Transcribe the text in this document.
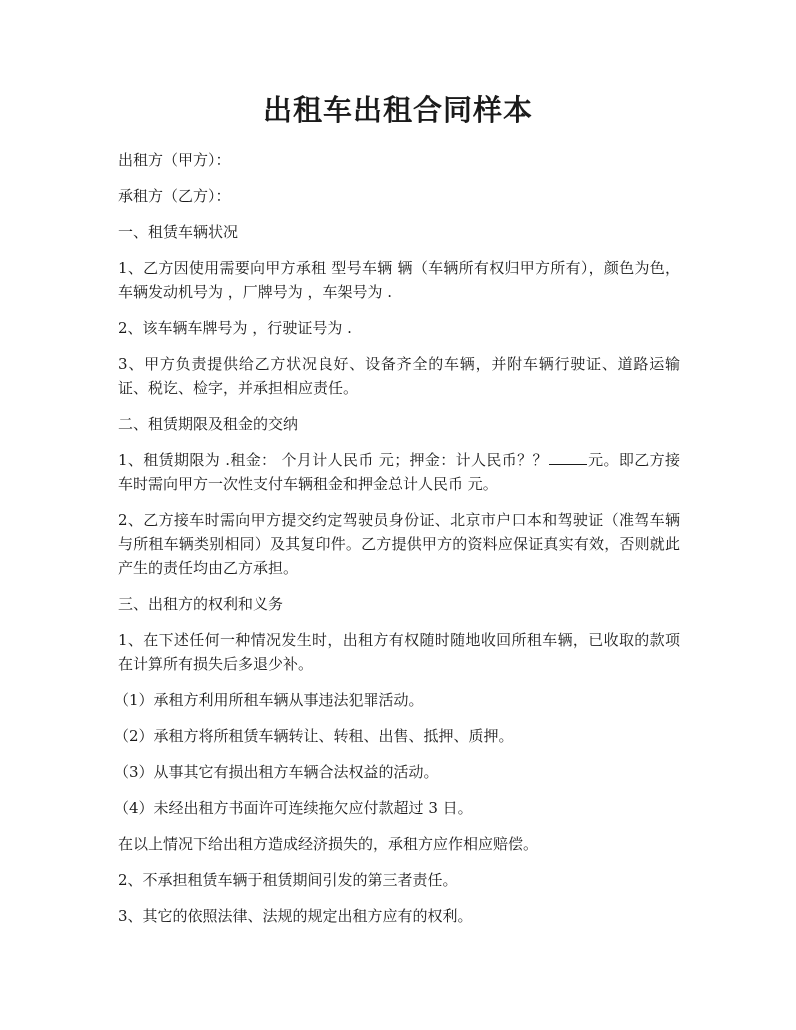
出租车出租合同样本

出租方（甲方）：

承租方（乙方）：

一、租赁车辆状况

1、乙方因使用需要向甲方承租 型号车辆 辆（车辆所有权归甲方所有），颜色为色，车辆发动机号为 ，厂牌号为 ，车架号为 .

2、该车辆车牌号为 ，行驶证号为 .

3、甲方负责提供给乙方状况良好、设备齐全的车辆，并附车辆行驶证、道路运输证、税讫、检字，并承担相应责任。

二、租赁期限及租金的交纳

1、租赁期限为 .租金： 个月计人民币 元；押金：计人民币？？	元。即乙方接车时需向甲方一次性支付车辆租金和押金总计人民币 元。

2、乙方接车时需向甲方提交约定驾驶员身份证、北京市户口本和驾驶证（准驾车辆与所租车辆类别相同）及其复印件。乙方提供甲方的资料应保证真实有效，否则就此产生的责任均由乙方承担。

三、出租方的权利和义务

1、在下述任何一种情况发生时，出租方有权随时随地收回所租车辆，已收取的款项在计算所有损失后多退少补。

（1）承租方利用所租车辆从事违法犯罪活动。

（2）承租方将所租赁车辆转让、转租、出售、抵押、质押。

（3）从事其它有损出租方车辆合法权益的活动。

（4）未经出租方书面许可连续拖欠应付款超过 3 日。

在以上情况下给出租方造成经济损失的，承租方应作相应赔偿。

2、不承担租赁车辆于租赁期间引发的第三者责任。

3、其它的依照法律、法规的规定出租方应有的权利。
